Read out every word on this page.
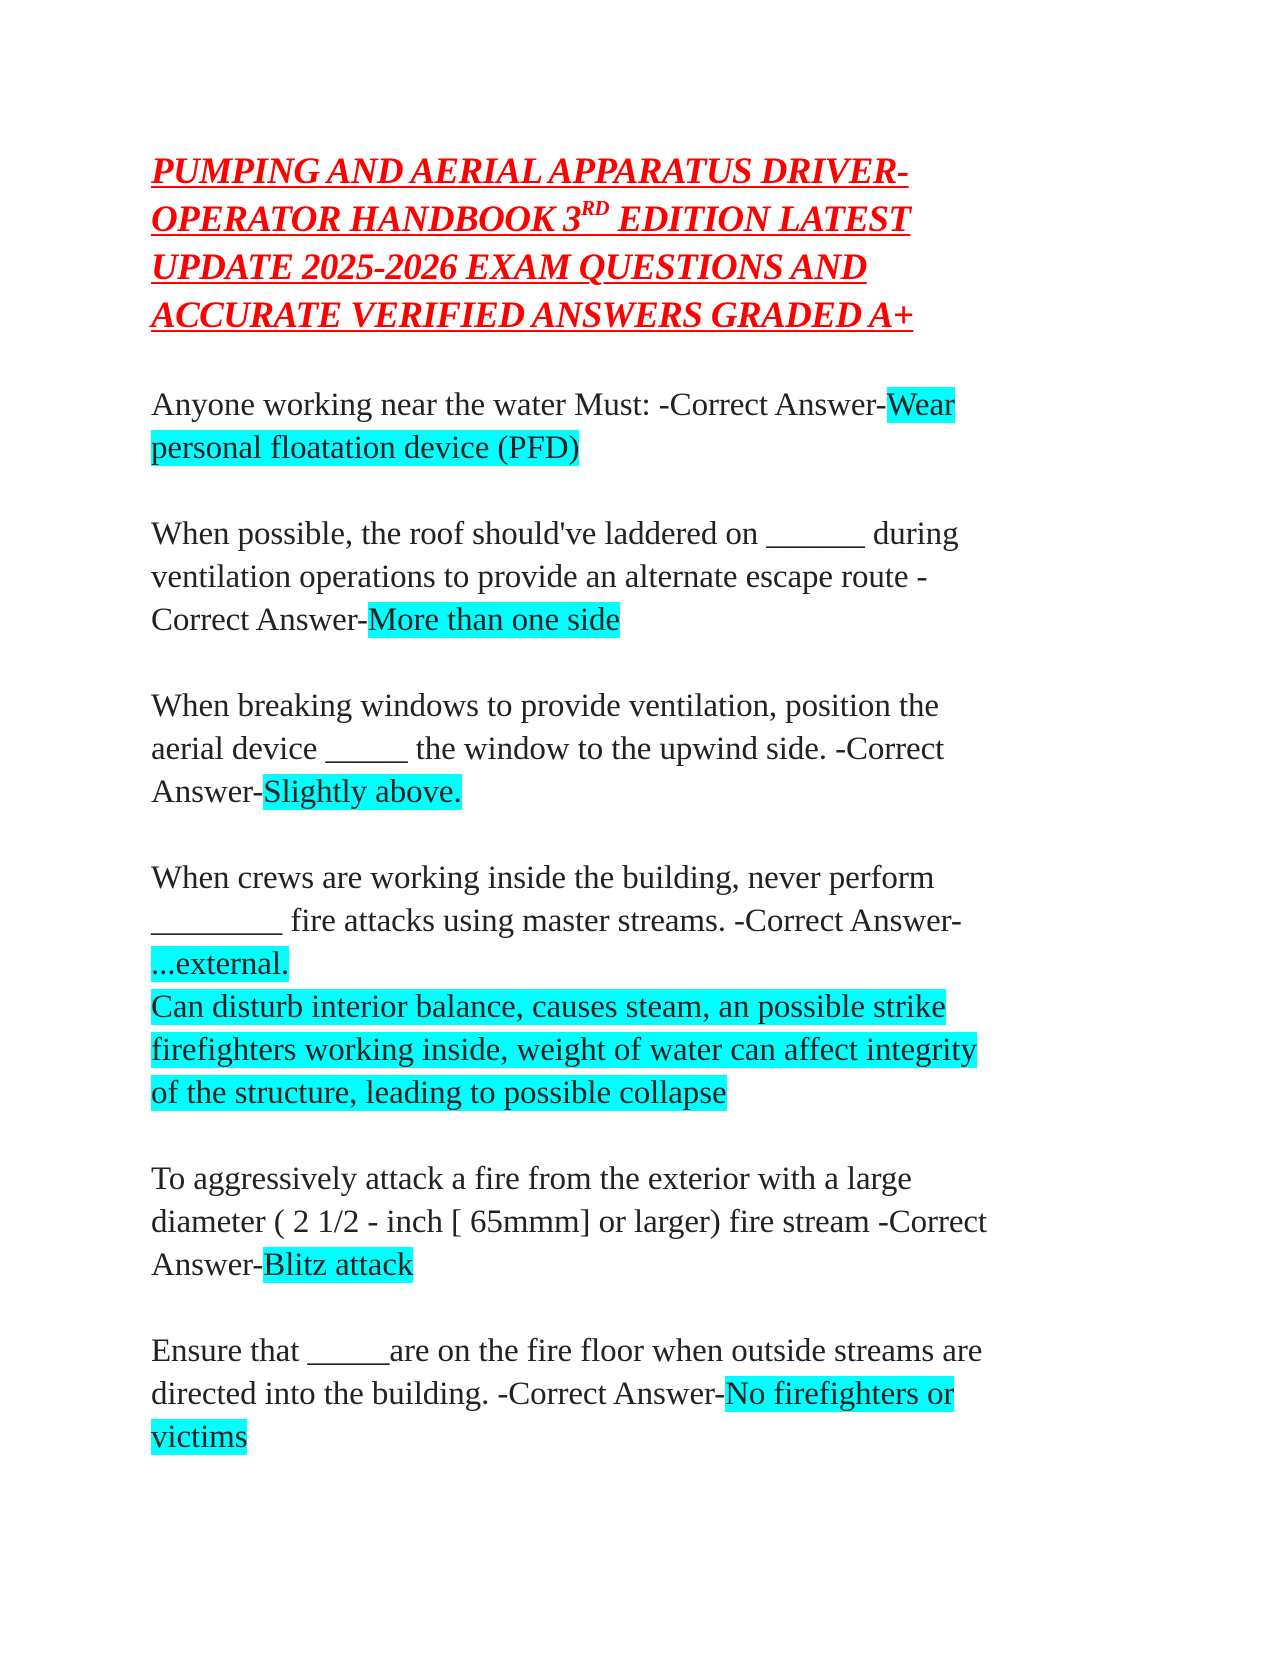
PUMPING AND AERIAL APPARATUS DRIVER-
OPERATOR HANDBOOK 3RD EDITION LATEST
UPDATE 2025-2026 EXAM QUESTIONS AND
ACCURATE VERIFIED ANSWERS GRADED A+

Anyone working near the water Must: -Correct Answer-Wear
personal floatation device (PFD)

When possible, the roof should've laddered on ______ during
ventilation operations to provide an alternate escape route -
Correct Answer-More than one side

When breaking windows to provide ventilation, position the
aerial device _____ the window to the upwind side. -Correct
Answer-Slightly above.

When crews are working inside the building, never perform
________ fire attacks using master streams. -Correct Answer-
...external.
Can disturb interior balance, causes steam, an possible strike
firefighters working inside, weight of water can affect integrity
of the structure, leading to possible collapse

To aggressively attack a fire from the exterior with a large
diameter ( 2 1/2 - inch [ 65mmm] or larger) fire stream -Correct
Answer-Blitz attack

Ensure that _____are on the fire floor when outside streams are
directed into the building. -Correct Answer-No firefighters or
victims
